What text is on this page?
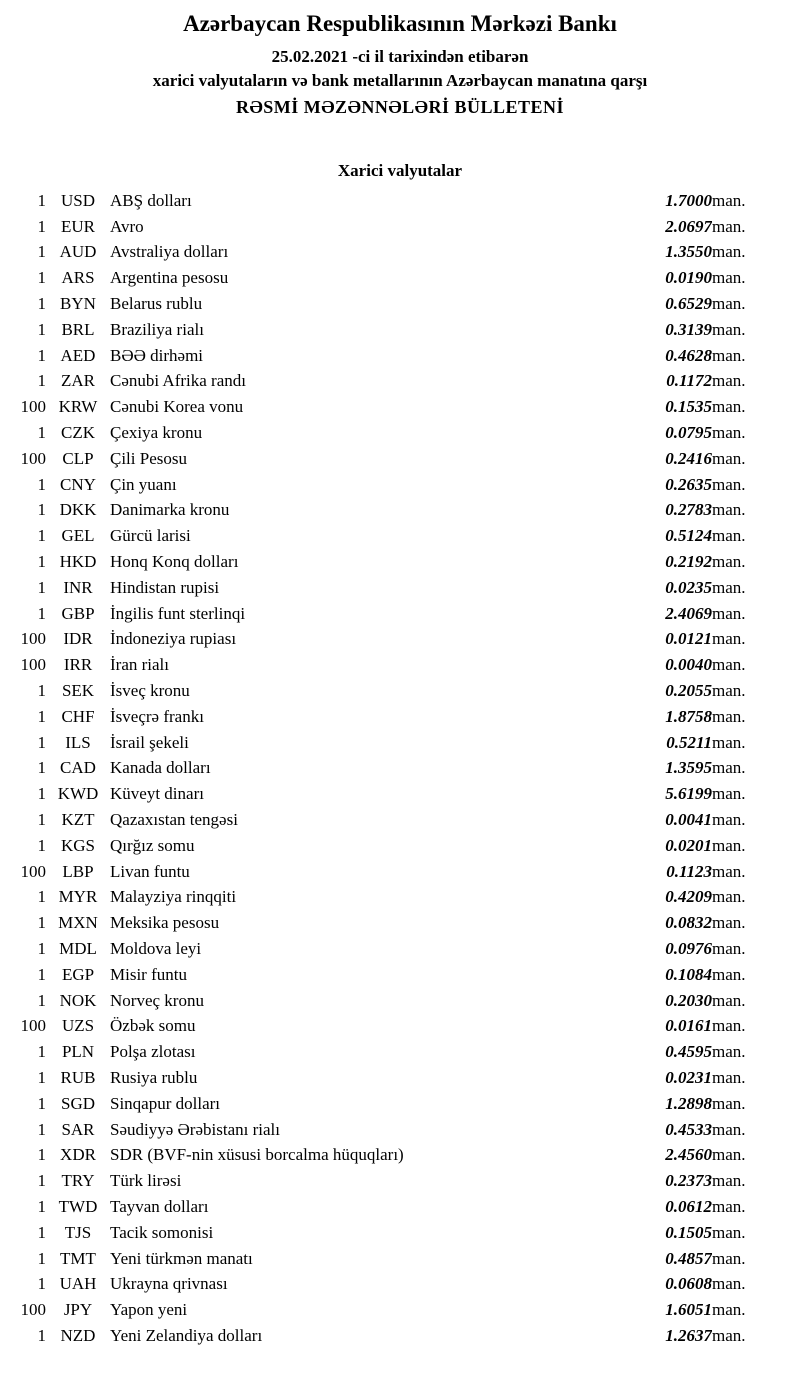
Azərbaycan Respublikasının Mərkəzi Bankı
25.02.2021 -ci il tarixindən etibarən
xarici valyutaların və bank metallarının Azərbaycan manatına qarşı
RƏSMİ MƏZƏNNƏLƏRİ BÜLLETENİ
Xarici valyutalar
1	USD	ABŞ dolları	1.7000	man.
1	EUR	Avro	2.0697	man.
1	AUD	Avstraliya dolları	1.3550	man.
1	ARS	Argentina pesosu	0.0190	man.
1	BYN	Belarus rublu	0.6529	man.
1	BRL	Braziliya rialı	0.3139	man.
1	AED	BƏƏ dirhəmi	0.4628	man.
1	ZAR	Cənubi Afrika randı	0.1172	man.
100	KRW	Cənubi Korea vonu	0.1535	man.
1	CZK	Çexiya kronu	0.0795	man.
100	CLP	Çili Pesosu	0.2416	man.
1	CNY	Çin yuanı	0.2635	man.
1	DKK	Danimarka kronu	0.2783	man.
1	GEL	Gürcü larisi	0.5124	man.
1	HKD	Honq Konq dolları	0.2192	man.
1	INR	Hindistan rupisi	0.0235	man.
1	GBP	İngilis funt sterlinqi	2.4069	man.
100	IDR	İndoneziya rupiası	0.0121	man.
100	IRR	İran rialı	0.0040	man.
1	SEK	İsveç kronu	0.2055	man.
1	CHF	İsveçrə frankı	1.8758	man.
1	ILS	İsrail şekeli	0.5211	man.
1	CAD	Kanada dolları	1.3595	man.
1	KWD	Küveyt dinarı	5.6199	man.
1	KZT	Qazaxıstan tengəsi	0.0041	man.
1	KGS	Qırğız somu	0.0201	man.
100	LBP	Livan funtu	0.1123	man.
1	MYR	Malayziya rinqqiti	0.4209	man.
1	MXN	Meksika pesosu	0.0832	man.
1	MDL	Moldova leyi	0.0976	man.
1	EGP	Misir funtu	0.1084	man.
1	NOK	Norveç kronu	0.2030	man.
100	UZS	Özbək somu	0.0161	man.
1	PLN	Polşa zlotası	0.4595	man.
1	RUB	Rusiya rublu	0.0231	man.
1	SGD	Sinqapur dolları	1.2898	man.
1	SAR	Səudiyyə Ərəbistanı rialı	0.4533	man.
1	XDR	SDR (BVF-nin xüsusi borcalma hüquqları)	2.4560	man.
1	TRY	Türk lirəsi	0.2373	man.
1	TWD	Tayvan dolları	0.0612	man.
1	TJS	Tacik somonisi	0.1505	man.
1	TMT	Yeni türkmən manatı	0.4857	man.
1	UAH	Ukrayna qrivnası	0.0608	man.
100	JPY	Yapon yeni	1.6051	man.
1	NZD	Yeni Zelandiya dolları	1.2637	man.
